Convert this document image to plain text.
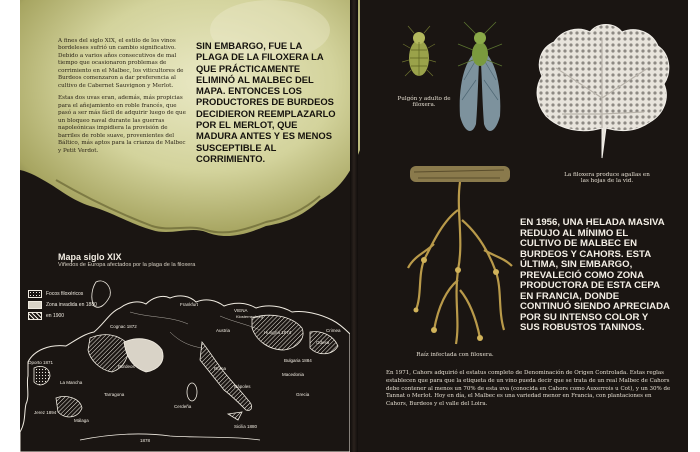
A fines del siglo XIX, el estilo de los vinos bordeleses sufrió un cambio significativo. Debido a varios años consecutivos de mal tiempo que ocasionaron problemas de corrimiento en el Malbec, los viticultores de Burdeos comenzaron a dar preferencia al cultivo de Cabernet Sauvignon y Merlot.

Estas dos uvas eran, además, más propicias para el añejamiento en roble francés, que pasó a ser más fácil de adquirir luego de que un bloqueo naval durante las guerras napoleónicas impidiera la provisión de barriles de roble suave, provenientes del Báltico, más aptos para la crianza de Malbec y Petit Verdot.

SIN EMBARGO, FUE LA PLAGA DE LA FILOXERA LA QUE PRÁCTICAMENTE ELIMINÓ AL MALBEC DEL MAPA. ENTONCES LOS PRODUCTORES DE BURDEOS DECIDIERON REEMPLAZARLO POR EL MERLOT, QUE MADURA ANTES Y ES MENOS SUSCEPTIBLE AL CORRIMIENTO.
Mapa siglo XIX
Viñedos de Europa afectados por la plaga de la filoxera
Cognac 1872
Burdeos
Oporto 1871
La Mancha
Jerez 1894
Málaga
Tarragona
Frankfurt
VIENA
Klosterneuburg
Austria	Hungría 1874
Bulgaria 1884
Odesa
Crimea
Macedonia
Grecia
Roma
Nápoles
Cerdeña
Sicilia 1880
1878
Focos filoxéricos
Zona invadida en 1880
en 1900
Pulgón y adulto de filoxera.
La filoxera produce agallas en las hojas de la vid.
Raíz infectada con filoxera.
EN 1956, UNA HELADA MASIVA REDUJO AL MÍNIMO EL CULTIVO DE MALBEC EN BURDEOS Y CAHORS. ESTA ÚLTIMA, SIN EMBARGO, PREVALECIÓ COMO ZONA PRODUCTORA DE ESTA CEPA EN FRANCIA, DONDE CONTINUÓ SIENDO APRECIADA POR SU INTENSO COLOR Y SUS ROBUSTOS TANINOS.

En 1971, Cahors adquirió el estatus completo de Denominación de Origen Controlada. Estas reglas establecen que para que la etiqueta de un vino pueda decir que se trata de un real Malbec de Cahors debe contener al menos un 70% de esta uva (conocida en Cahors como Auxerrois u Cot), y un 30% de Tannat o Merlot. Hoy en día, el Malbec es una variedad menor en Francia, con plantaciones en Cahors, Burdeos y el valle del Loira.
